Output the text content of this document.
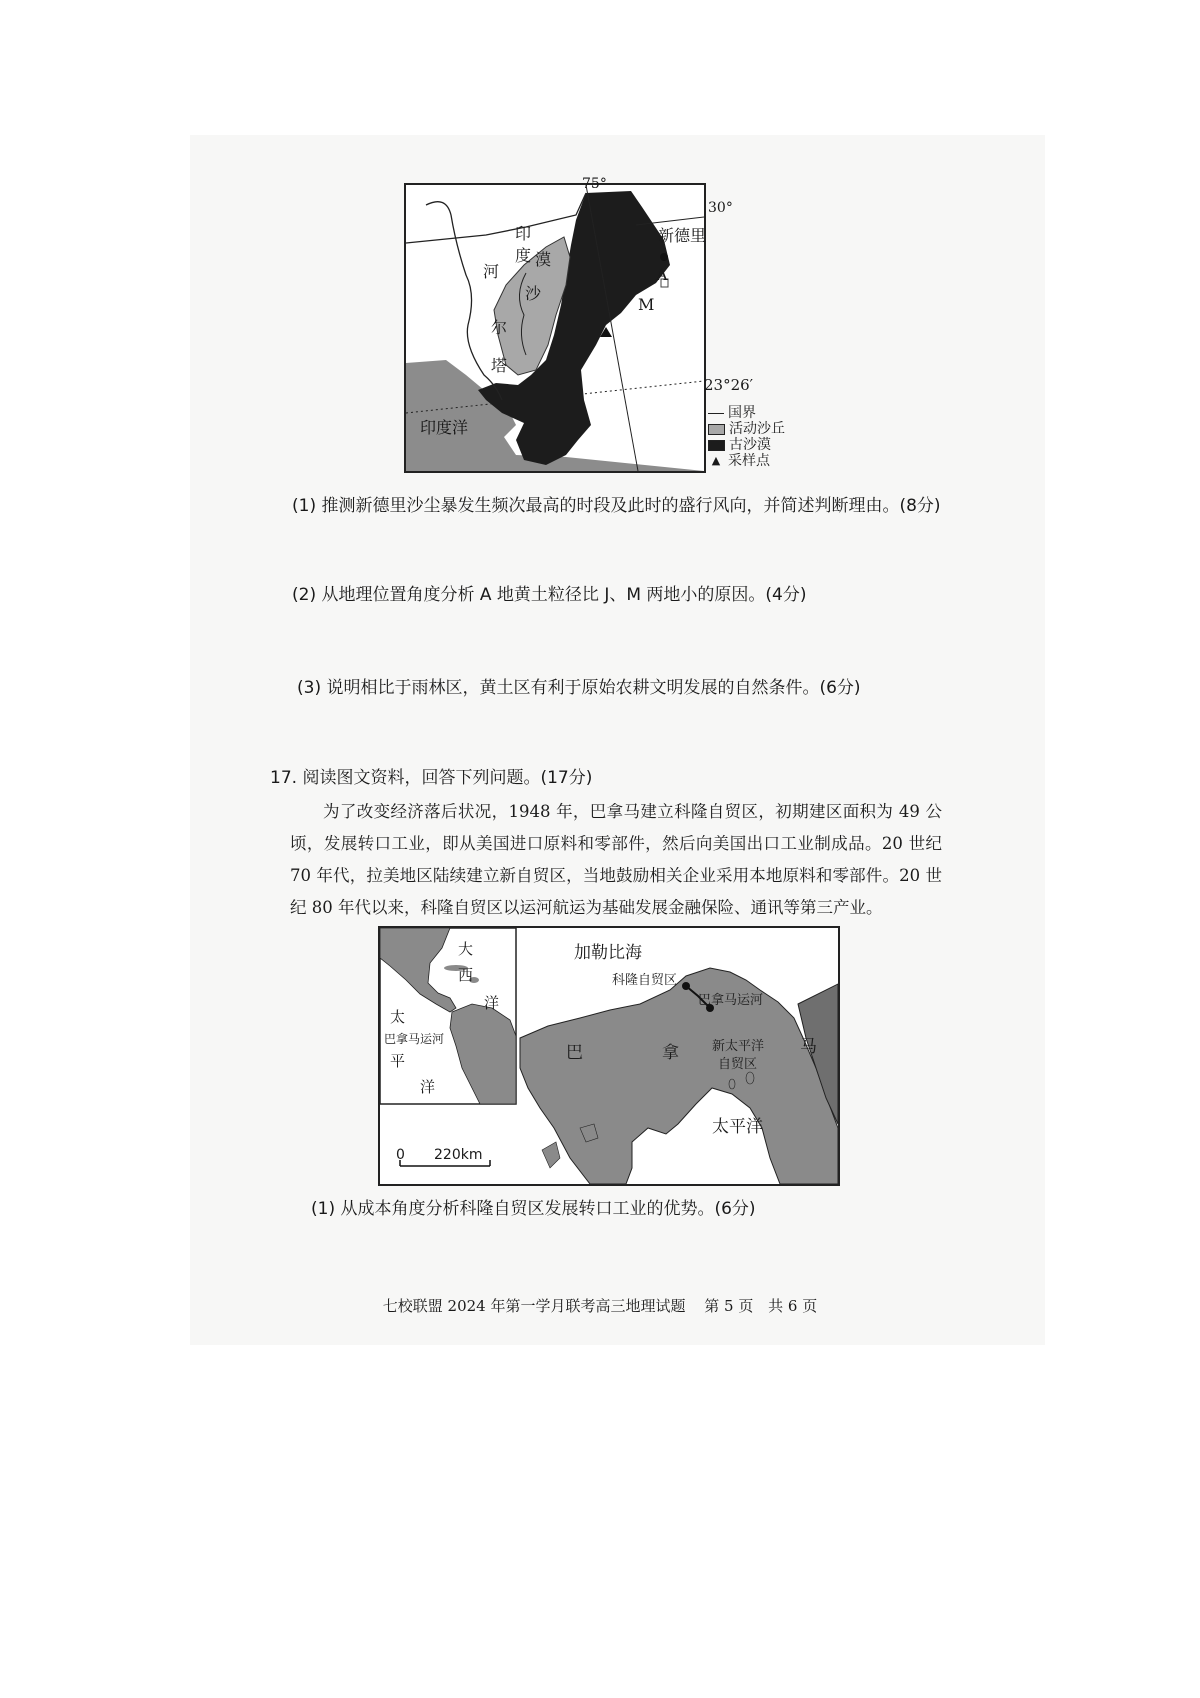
印
度
河
漠
沙
尔
塔
印度洋
A
M
75°
30°
新德里
23°26′
国界
活动沙丘
古沙漠
▲ 采样点
(1) 推测新德里沙尘暴发生频次最高的时段及此时的盛行风向，并简述判断理由。(8分)
(2) 从地理位置角度分析 A 地黄土粒径比 J、M 两地小的原因。(4分)
(3) 说明相比于雨林区，黄土区有利于原始农耕文明发展的自然条件。(6分)
17. 阅读图文资料，回答下列问题。(17分)
为了改变经济落后状况，1948 年，巴拿马建立科隆自贸区，初期建区面积为 49 公顷，发展转口工业，即从美国进口原料和零部件，然后向美国出口工业制成品。20 世纪 70 年代，拉美地区陆续建立新自贸区，当地鼓励相关企业采用本地原料和零部件。20 世纪 80 年代以来，科隆自贸区以运河航运为基础发展金融保险、通讯等第三产业。
大
西
洋
太
平
洋
巴拿马运河
加勒比海
科隆自贸区
巴拿马运河
新太平洋
自贸区
巴	拿	马
太平洋
0 220km
(1) 从成本角度分析科隆自贸区发展转口工业的优势。(6分)
七校联盟 2024 年第一学月联考高三地理试题 第 5 页 共 6 页
